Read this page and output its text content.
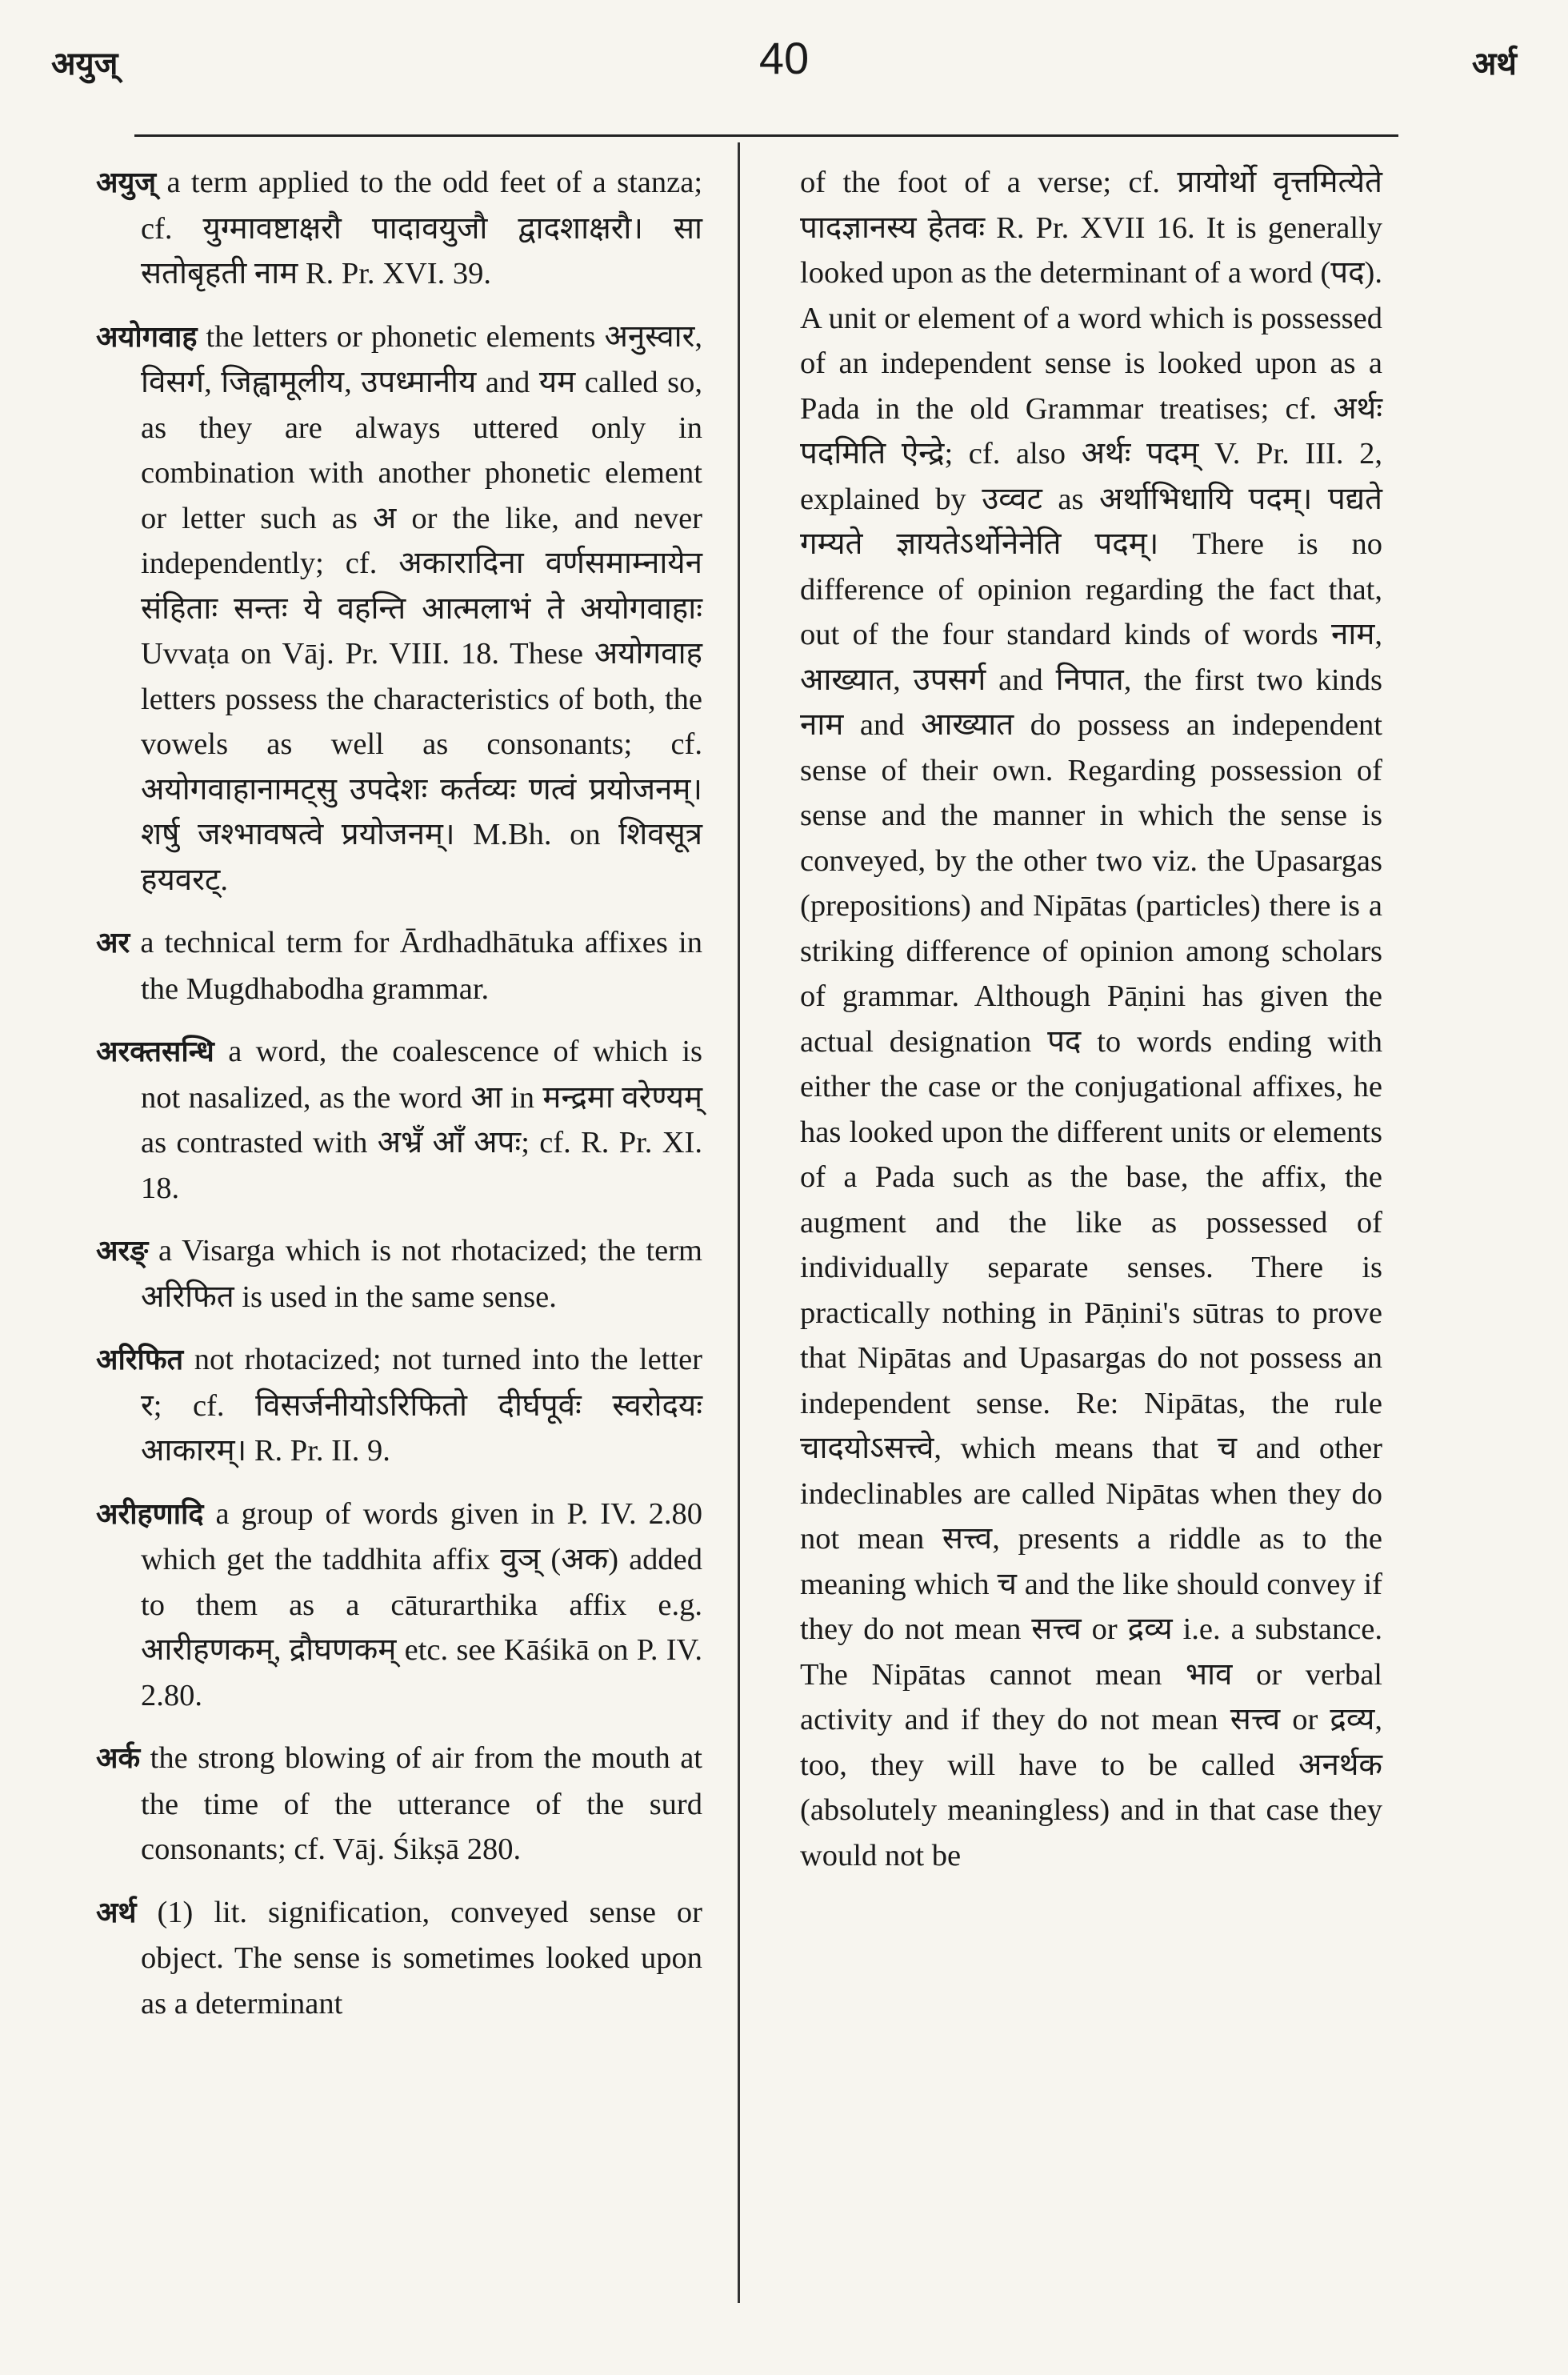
अयुज्	40	अर्थ

अयुज् a term applied to the odd feet of a stanza; cf. युग्मावष्टाक्षरौ पादावयुजौ द्वादशाक्षरौ। सा सतोबृहती नाम R. Pr. XVI. 39.

अयोगवाह the letters or phonetic elements अनुस्वार, विसर्ग, जिह्वामूलीय, उपध्मानीय and यम called so, as they are always uttered only in combination with another phonetic element or letter such as अ or the like, and never independently; cf. अकारादिना वर्णसमाम्नायेन संहिताः सन्तः ये वहन्ति आत्मलाभं ते अयोगवाहाः Uvvaṭa on Vāj. Pr. VIII. 18. These अयोगवाह letters possess the characteristics of both, the vowels as well as consonants; cf. अयोगवाहानामट्सु उपदेशः कर्तव्यः णत्वं प्रयोजनम्। शर्षु जश्भावषत्वे प्रयोजनम्। M.Bh. on शिवसूत्र हयवरट्.

अर a technical term for Ārdhadhātuka affixes in the Mugdhabodha grammar.

अरक्तसन्धि a word, the coalescence of which is not nasalized, as the word आ in मन्द्रमा वरेण्यम् as contrasted with अभ्रँ आँ अपः; cf. R. Pr. XI. 18.

अरङ् a Visarga which is not rhotacized; the term अरिफित is used in the same sense.

अरिफित not rhotacized; not turned into the letter र; cf. विसर्जनीयोऽरिफितो दीर्घपूर्वः स्वरोदयः आकारम्। R. Pr. II. 9.

अरीहणादि a group of words given in P. IV. 2.80 which get the taddhita affix वुञ् (अक) added to them as a cāturarthika affix e.g. आरीहणकम्, द्रौघणकम् etc. see Kāśikā on P. IV. 2.80.

अर्क the strong blowing of air from the mouth at the time of the utterance of the surd consonants; cf. Vāj. Śikṣā 280.

अर्थ (1) lit. signification, conveyed sense or object. The sense is sometimes looked upon as a determinant

of the foot of a verse; cf. प्रायोर्थो वृत्तमित्येते पादज्ञानस्य हेतवः R. Pr. XVII 16. It is generally looked upon as the determinant of a word (पद). A unit or element of a word which is possessed of an independent sense is looked upon as a Pada in the old Grammar treatises; cf. अर्थः पदमिति ऐन्द्रे; cf. also अर्थः पदम् V. Pr. III. 2, explained by उव्वट as अर्थाभिधायि पदम्। पद्यते गम्यते ज्ञायतेऽर्थोनेनेति पदम्। There is no difference of opinion regarding the fact that, out of the four standard kinds of words नाम, आख्यात, उपसर्ग and निपात, the first two kinds नाम and आख्यात do possess an independent sense of their own. Regarding possession of sense and the manner in which the sense is conveyed, by the other two viz. the Upasargas (prepositions) and Nipātas (particles) there is a striking difference of opinion among scholars of grammar. Although Pāṇini has given the actual designation पद to words ending with either the case or the conjugational affixes, he has looked upon the different units or elements of a Pada such as the base, the affix, the augment and the like as possessed of individually separate senses. There is practically nothing in Pāṇini's sūtras to prove that Nipātas and Upasargas do not possess an independent sense. Re: Nipātas, the rule चादयोऽसत्त्वे, which means that च and other indeclinables are called Nipātas when they do not mean सत्त्व, presents a riddle as to the meaning which च and the like should convey if they do not mean सत्त्व or द्रव्य i.e. a substance. The Nipātas cannot mean भाव or verbal activity and if they do not mean सत्त्व or द्रव्य, too, they will have to be called अनर्थक (absolutely meaningless) and in that case they would not be
